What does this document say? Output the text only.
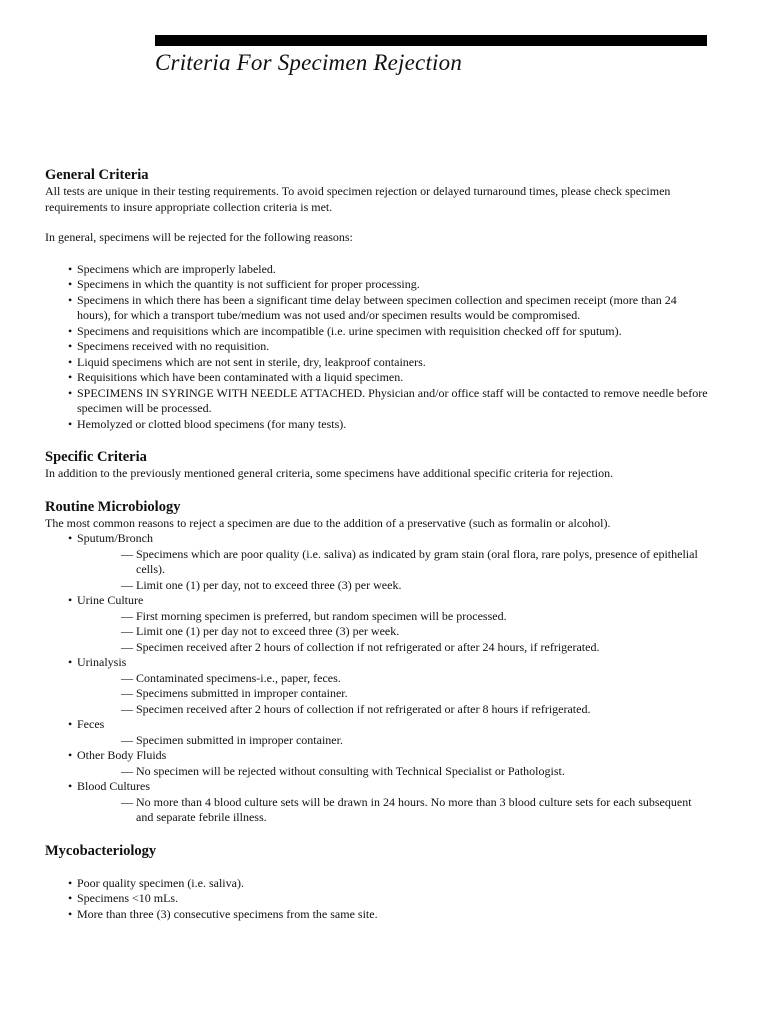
Criteria For Specimen Rejection
General Criteria

All tests are unique in their testing requirements. To avoid specimen rejection or delayed turnaround times, please check specimen requirements to insure appropriate collection criteria is met.

In general, specimens will be rejected for the following reasons:

• Specimens which are improperly labeled.
• Specimens in which the quantity is not sufficient for proper processing.
• Specimens in which there has been a significant time delay between specimen collection and specimen receipt (more than 24 hours), for which a transport tube/medium was not used and/or specimen results would be compromised.
• Specimens and requisitions which are incompatible (i.e. urine specimen with requisition checked off for sputum).
• Specimens received with no requisition.
• Liquid specimens which are not sent in sterile, dry, leakproof containers.
• Requisitions which have been contaminated with a liquid specimen.
• SPECIMENS IN SYRINGE WITH NEEDLE ATTACHED. Physician and/or office staff will be contacted to remove needle before specimen will be processed.
• Hemolyzed or clotted blood specimens (for many tests).
Specific Criteria

In addition to the previously mentioned general criteria, some specimens have additional specific criteria for rejection.

Routine Microbiology

The most common reasons to reject a specimen are due to the addition of a preservative (such as formalin or alcohol).

• Sputum/Bronch
— Specimens which are poor quality (i.e. saliva) as indicated by gram stain (oral flora, rare polys, presence of epithelial cells).
— Limit one (1) per day, not to exceed three (3) per week.
• Urine Culture
— First morning specimen is preferred, but random specimen will be processed.
— Limit one (1) per day not to exceed three (3) per week.
— Specimen received after 2 hours of collection if not refrigerated or after 24 hours, if refrigerated.
• Urinalysis
— Contaminated specimens-i.e., paper, feces.
— Specimens submitted in improper container.
— Specimen received after 2 hours of collection if not refrigerated or after 8 hours if refrigerated.
• Feces
— Specimen submitted in improper container.
• Other Body Fluids
— No specimen will be rejected without consulting with Technical Specialist or Pathologist.
• Blood Cultures
— No more than 4 blood culture sets will be drawn in 24 hours. No more than 3 blood culture sets for each subsequent and separate febrile illness.
Mycobacteriology
• Poor quality specimen (i.e. saliva).
• Specimens <10 mLs.
• More than three (3) consecutive specimens from the same site.
